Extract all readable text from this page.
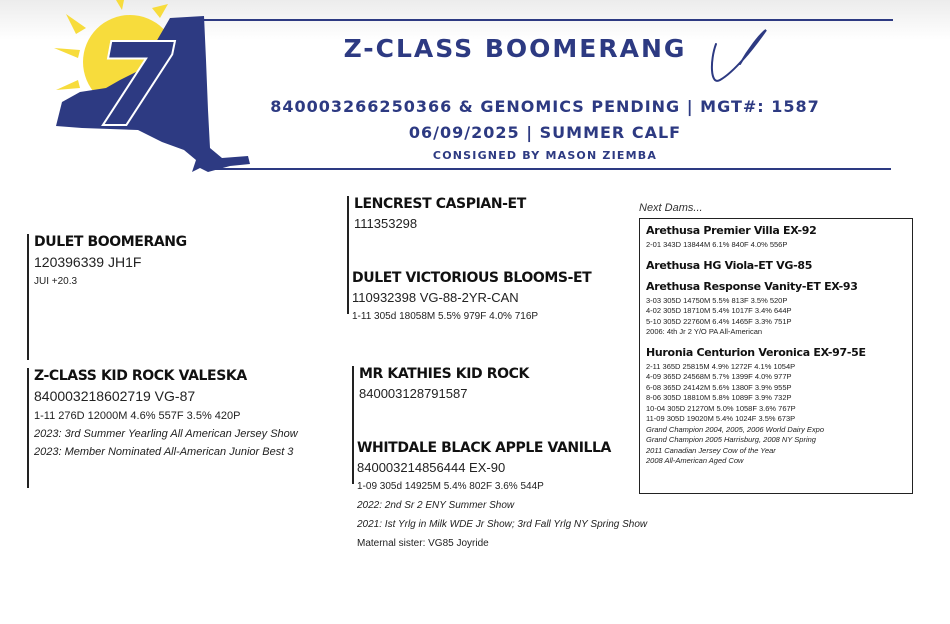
7	Z-CLASS BOOMERANG
840003266250366 & GENOMICS PENDING | MGT#: 1587
06/09/2025 | SUMMER CALF
CONSIGNED BY MASON ZIEMBA
DULET BOOMERANG
120396339 JH1F
JUI +20.3
LENCREST CASPIAN-ET
111353298
DULET VICTORIOUS BLOOMS-ET
110932398 VG-88-2YR-CAN
1-11 305d 18058M 5.5% 979F 4.0% 716P
Z-CLASS KID ROCK VALESKA
840003218602719 VG-87
1-11 276D 12000M 4.6% 557F 3.5% 420P
2023: 3rd Summer Yearling All American Jersey Show
2023: Member Nominated All-American Junior Best 3
MR KATHIES KID ROCK
840003128791587
WHITDALE BLACK APPLE VANILLA
840003214856444 EX-90
1-09 305d 14925M 5.4% 802F 3.6% 544P
2022: 2nd Sr 2 ENY Summer Show
2021: Ist Yrlg in Milk WDE Jr Show; 3rd Fall Yrlg NY Spring Show
Maternal sister: VG85 Joyride
Next Dams...
Arethusa Premier Villa EX-92
2-01 343D 13844M 6.1% 840F 4.0% 556P
Arethusa HG Viola-ET VG-85
Arethusa Response Vanity-ET EX-93
3-03 305D 14750M 5.5% 813F 3.5% 520P
4-02 305D 18710M 5.4% 1017F 3.4% 644P
5-10 305D 22760M 6.4% 1465F 3.3% 751P
2006: 4th Jr 2 Y/O PA All-American
Huronia Centurion Veronica EX-97-5E
2-11 365D 25815M 4.9% 1272F 4.1% 1054P
4-09 365D 24568M 5.7% 1399F 4.0% 977P
6-08 365D 24142M 5.6% 1380F 3.9% 955P
8-06 305D 18810M 5.8% 1089F 3.9% 732P
10-04 305D 21270M 5.0% 1058F 3.6% 767P
11-09 305D 19020M 5.4% 1024F 3.5% 673P
Grand Champion 2004, 2005, 2006 World Dairy Expo
Grand Champion 2005 Harrisburg, 2008 NY Spring
2011 Canadian Jersey Cow of the Year
2008 All-American Aged Cow
